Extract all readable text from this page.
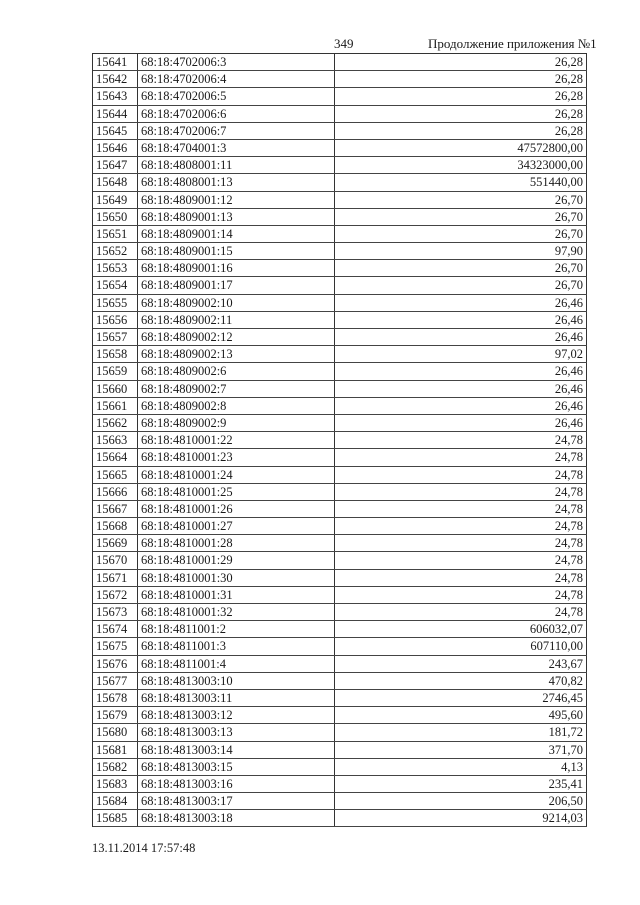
349	Продолжение приложения №1
15641	68:18:4702006:3	26,28
15642	68:18:4702006:4	26,28
15643	68:18:4702006:5	26,28
15644	68:18:4702006:6	26,28
15645	68:18:4702006:7	26,28
15646	68:18:4704001:3	47572800,00
15647	68:18:4808001:11	34323000,00
15648	68:18:4808001:13	551440,00
15649	68:18:4809001:12	26,70
15650	68:18:4809001:13	26,70
15651	68:18:4809001:14	26,70
15652	68:18:4809001:15	97,90
15653	68:18:4809001:16	26,70
15654	68:18:4809001:17	26,70
15655	68:18:4809002:10	26,46
15656	68:18:4809002:11	26,46
15657	68:18:4809002:12	26,46
15658	68:18:4809002:13	97,02
15659	68:18:4809002:6	26,46
15660	68:18:4809002:7	26,46
15661	68:18:4809002:8	26,46
15662	68:18:4809002:9	26,46
15663	68:18:4810001:22	24,78
15664	68:18:4810001:23	24,78
15665	68:18:4810001:24	24,78
15666	68:18:4810001:25	24,78
15667	68:18:4810001:26	24,78
15668	68:18:4810001:27	24,78
15669	68:18:4810001:28	24,78
15670	68:18:4810001:29	24,78
15671	68:18:4810001:30	24,78
15672	68:18:4810001:31	24,78
15673	68:18:4810001:32	24,78
15674	68:18:4811001:2	606032,07
15675	68:18:4811001:3	607110,00
15676	68:18:4811001:4	243,67
15677	68:18:4813003:10	470,82
15678	68:18:4813003:11	2746,45
15679	68:18:4813003:12	495,60
15680	68:18:4813003:13	181,72
15681	68:18:4813003:14	371,70
15682	68:18:4813003:15	4,13
15683	68:18:4813003:16	235,41
15684	68:18:4813003:17	206,50
15685	68:18:4813003:18	9214,03
13.11.2014 17:57:48
